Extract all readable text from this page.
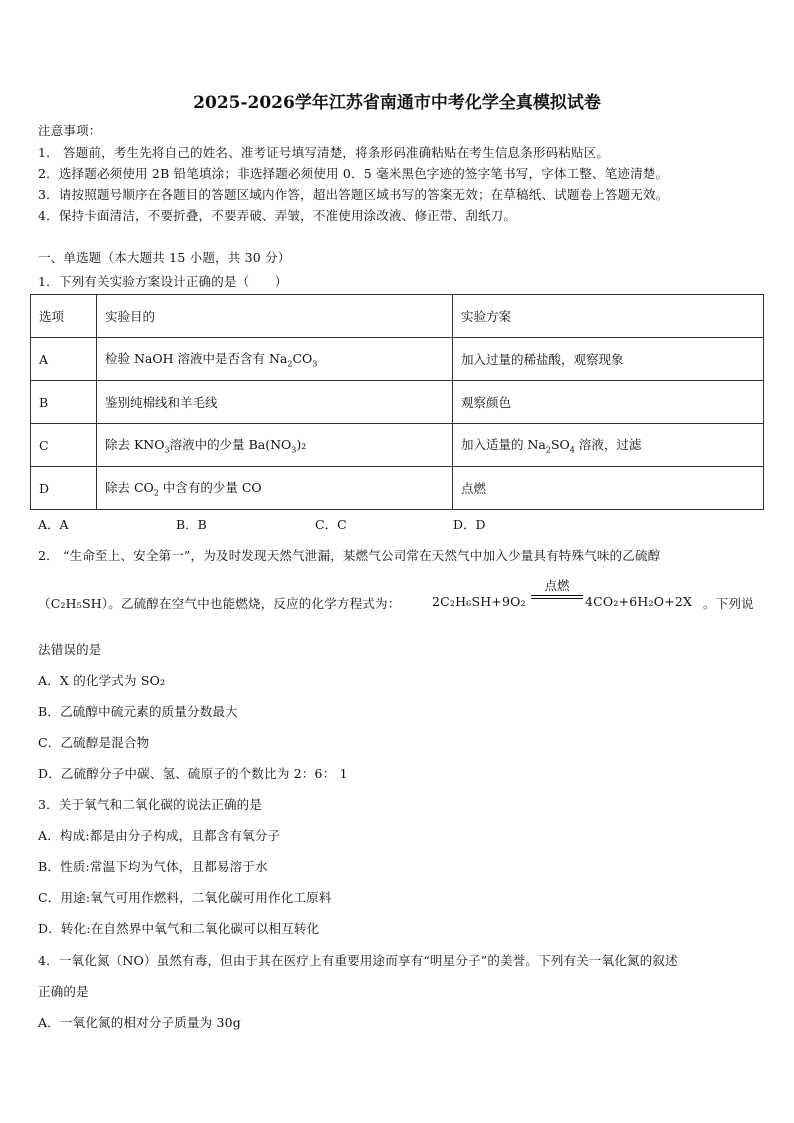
2025-2026学年江苏省南通市中考化学全真模拟试卷
注意事项：
1． 答题前，考生先将自己的姓名、准考证号填写清楚，将条形码准确粘贴在考生信息条形码粘贴区。
2．选择题必须使用 2B 铅笔填涂；非选择题必须使用 0．5 毫米黑色字迹的签字笔书写，字体工整、笔迹清楚。
3．请按照题号顺序在各题目的答题区域内作答，超出答题区域书写的答案无效；在草稿纸、试题卷上答题无效。
4．保持卡面清洁，不要折叠，不要弄破、弄皱，不准使用涂改液、修正带、刮纸刀。
一、单选题（本大题共 15 小题，共 30 分）
1．下列有关实验方案设计正确的是（　　）
选项	实验目的	实验方案
A	检验 NaOH 溶液中是否含有 $Na_2CO_3$	加入过量的稀盐酸，观察现象
B	鉴别纯棉线和羊毛线	观察颜色
C	除去 $KNO_3$溶液中的少量 $Ba(NO_3)_2$	加入适量的 $Na_2SO_4$ 溶液，过滤
D	除去 $CO_2$ 中含有的少量 CO	点燃
A．A	B．B	C．C	D．D
2． “生命至上、安全第一”，为及时发现天然气泄漏，某燃气公司常在天然气中加入少量具有特殊气味的乙硫醇
（C₂H₅SH）。乙硫醇在空气中也能燃烧，反应的化学方程式为：	2C₂H₆SH+9O₂
点燃
4CO₂+6H₂O+2X 。下列说
法错误的是
A．X 的化学式为 SO₂
B．乙硫醇中硫元素的质量分数最大
C．乙硫醇是混合物
D．乙硫醇分子中碳、氢、硫原子的个数比为 2：6： 1
3．关于氧气和二氧化碳的说法正确的是
A．构成:都是由分子构成，且都含有氧分子
B．性质:常温下均为气体，且都易溶于水
C．用途:氧气可用作燃料，二氧化碳可用作化工原料
D．转化:在自然界中氧气和二氧化碳可以相互转化
4．一氧化氮（NO）虽然有毒，但由于其在医疗上有重要用途而享有“明星分子”的美誉。下列有关一氧化氮的叙述
正确的是
A．一氧化氮的相对分子质量为 30g
